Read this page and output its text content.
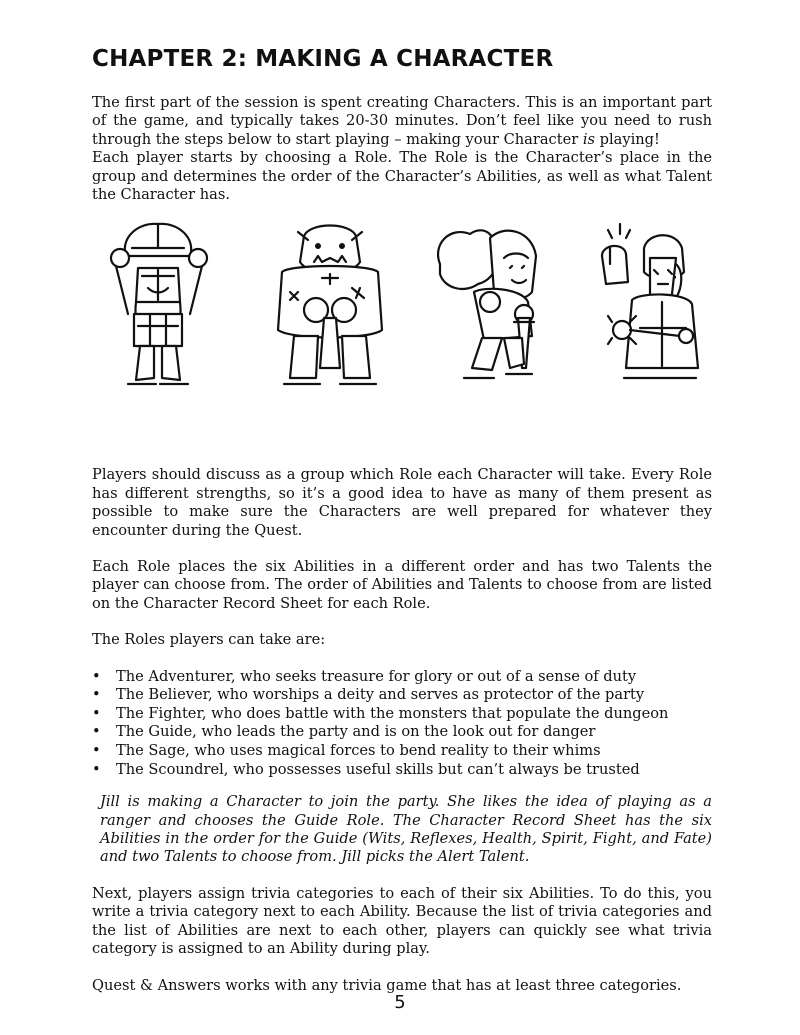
CHAPTER 2: MAKING A CHARACTER

The first part of the session is spent creating Characters. This is an important part of the game, and typically takes 20-30 minutes. Don’t feel like you need to rush through the steps below to start playing – making your Character is playing!

Each player starts by choosing a Role. The Role is the Character’s place in the group and determines the order of the Character’s Abilities, as well as what Talent the Character has.

Players should discuss as a group which Role each Character will take. Every Role has different strengths, so it’s a good idea to have as many of them present as possible to make sure the Characters are well prepared for whatever they encounter during the Quest.

Each Role places the six Abilities in a different order and has two Talents the player can choose from. The order of Abilities and Talents to choose from are listed on the Character Record Sheet for each Role.

The Roles players can take are:

• The Adventurer, who seeks treasure for glory or out of a sense of duty
• The Believer, who worships a deity and serves as protector of the party
• The Fighter, who does battle with the monsters that populate the dungeon
• The Guide, who leads the party and is on the look out for danger
• The Sage, who uses magical forces to bend reality to their whims
• The Scoundrel, who possesses useful skills but can’t always be trusted

Jill is making a Character to join the party. She likes the idea of playing as a ranger and chooses the Guide Role. The Character Record Sheet has the six Abilities in the order for the Guide (Wits, Reflexes, Health, Spirit, Fight, and Fate) and two Talents to choose from. Jill picks the Alert Talent.

Next, players assign trivia categories to each of their six Abilities. To do this, you write a trivia category next to each Ability. Because the list of trivia categories and the list of Abilities are next to each other, players can quickly see what trivia category is assigned to an Ability during play.

Quest & Answers works with any trivia game that has at least three categories.

5
